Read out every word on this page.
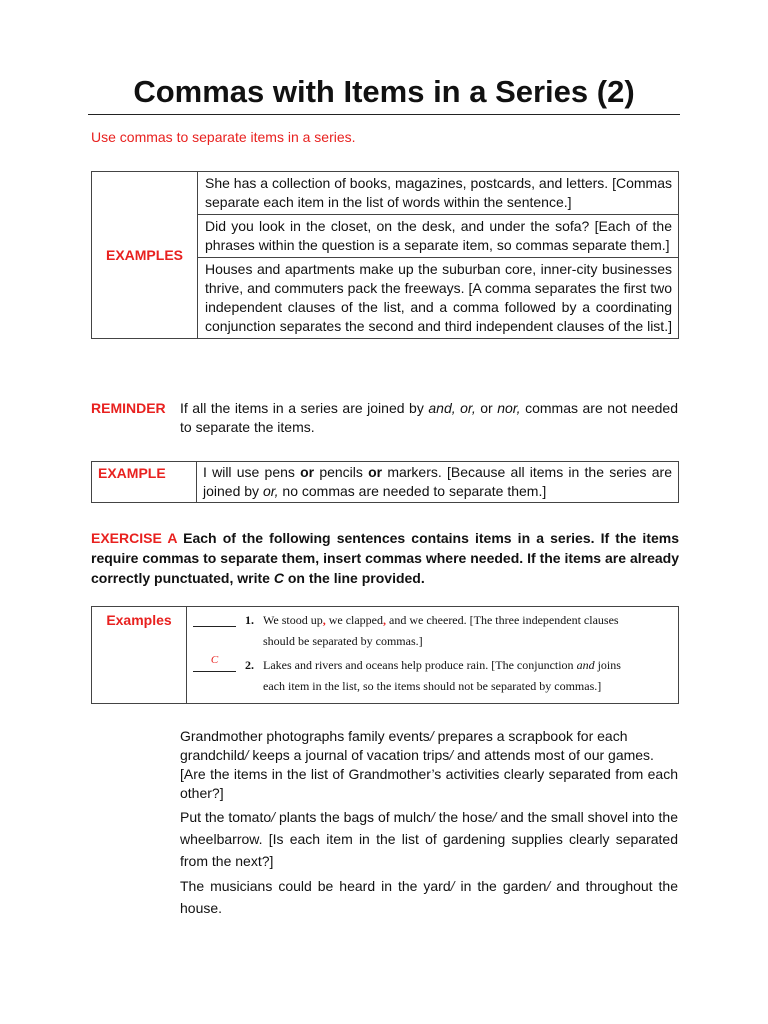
Commas with Items in a Series (2)
Use commas to separate items in a series.
EXAMPLES	She has a collection of books, magazines, postcards, and letters. [Commas separate each item in the list of words within the sentence.]
Did you look in the closet, on the desk, and under the sofa? [Each of the phrases within the question is a separate item, so commas separate them.]
Houses and apartments make up the suburban core, inner-city businesses thrive, and commuters pack the freeways. [A comma separates the first two independent clauses of the list, and a comma followed by a coordinating conjunction separates the second and third independent clauses of the list.]
REMINDER If all the items in a series are joined by and, or, or nor, commas are not needed to separate the items.
EXAMPLE	I will use pens or pencils or markers. [Because all items in the series are joined by or, no commas are needed to separate them.]
EXERCISE A Each of the following sentences contains items in a series. If the items require commas to separate them, insert commas where needed. If the items are already correctly punctuated, write C on the line provided.
Examples	1. We stood up, we clapped, and we cheered. [The three independent clauses
should be separated by commas.]
C	2. Lakes and rivers and oceans help produce rain. [The conjunction and joins
each item in the list, so the items should not be separated by commas.]
Grandmother photographs family events/ prepares a scrapbook for each
grandchild/ keeps a journal of vacation trips/ and attends most of our games.
[Are the items in the list of Grandmother’s activities clearly separated from each other?]
Put the tomato/ plants the bags of mulch/ the hose/ and the small shovel into the wheelbarrow. [Is each item in the list of gardening supplies clearly separated from the next?]
The musicians could be heard in the yard/ in the garden/ and throughout the house.
